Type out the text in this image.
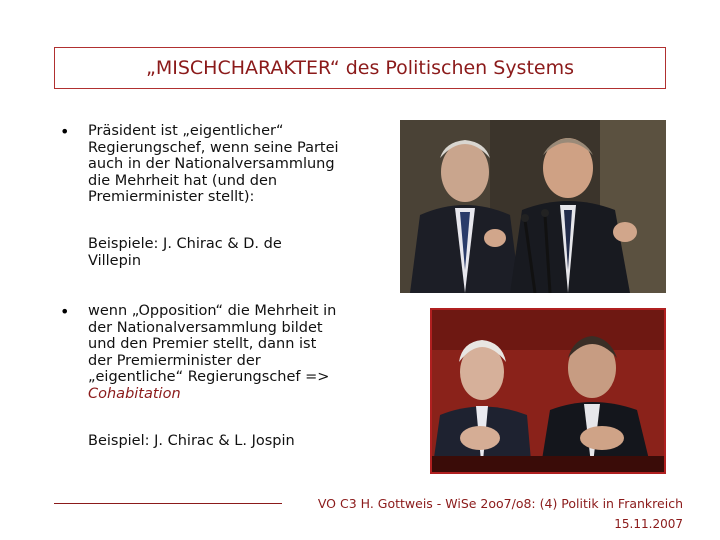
„MISCHCHARAKTER“ des Politischen Systems
• Präsident ist „eigentlicher“ Regierungschef, wenn seine Partei auch in der Nationalversammlung die Mehrheit hat (und den Premierminister stellt):
Beispiele: J. Chirac & D. de Villepin
• wenn „Opposition“ die Mehrheit in der Nationalversammlung bildet und den Premier stellt, dann ist der Premierminister der „eigentliche“ Regierungschef => Cohabitation
Beispiel: J. Chirac & L. Jospin
VO C3 H. Gottweis - WiSe 2oo7/o8: (4) Politik in Frankreich
15.11.2007
